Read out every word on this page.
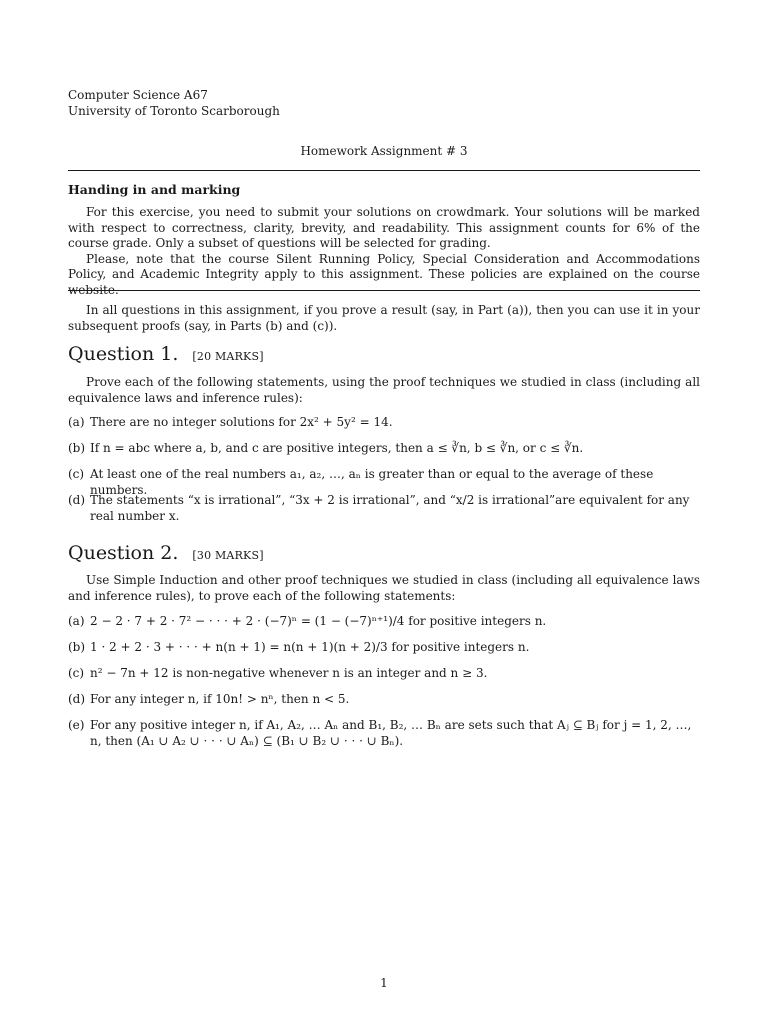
Computer Science A67
University of Toronto Scarborough
Homework Assignment # 3
Handing in and marking

For this exercise, you need to submit your solutions on crowdmark. Your solutions will be marked with respect to correctness, clarity, brevity, and readability. This assignment counts for 6% of the course grade. Only a subset of questions will be selected for grading.

Please, note that the course Silent Running Policy, Special Consideration and Accommodations Policy, and Academic Integrity apply to this assignment. These policies are explained on the course website.

In all questions in this assignment, if you prove a result (say, in Part (a)), then you can use it in your subsequent proofs (say, in Parts (b) and (c)).
Question 1. [20 MARKS]
Prove each of the following statements, using the proof techniques we studied in class (including all equivalence laws and inference rules):
(a) There are no integer solutions for 2x² + 5y² = 14.
(b) If n = abc where a, b, and c are positive integers, then a ≤ ∛n, b ≤ ∛n, or c ≤ ∛n.
(c) At least one of the real numbers a₁, a₂, …, aₙ is greater than or equal to the average of these numbers.
(d) The statements “x is irrational”, “3x + 2 is irrational”, and “x/2 is irrational”are equivalent for any real number x.
Question 2. [30 MARKS]
Use Simple Induction and other proof techniques we studied in class (including all equivalence laws and inference rules), to prove each of the following statements:
(a) 2 − 2 · 7 + 2 · 7² − · · · + 2 · (−7)ⁿ = (1 − (−7)ⁿ⁺¹)/4 for positive integers n.
(b) 1 · 2 + 2 · 3 + · · · + n(n + 1) = n(n + 1)(n + 2)/3 for positive integers n.
(c) n² − 7n + 12 is non-negative whenever n is an integer and n ≥ 3.
(d) For any integer n, if 10n! > nⁿ, then n < 5.
(e) For any positive integer n, if A₁, A₂, … Aₙ and B₁, B₂, … Bₙ are sets such that Aⱼ ⊆ Bⱼ for j = 1, 2, …, n, then (A₁ ∪ A₂ ∪ · · · ∪ Aₙ) ⊆ (B₁ ∪ B₂ ∪ · · · ∪ Bₙ).
1
